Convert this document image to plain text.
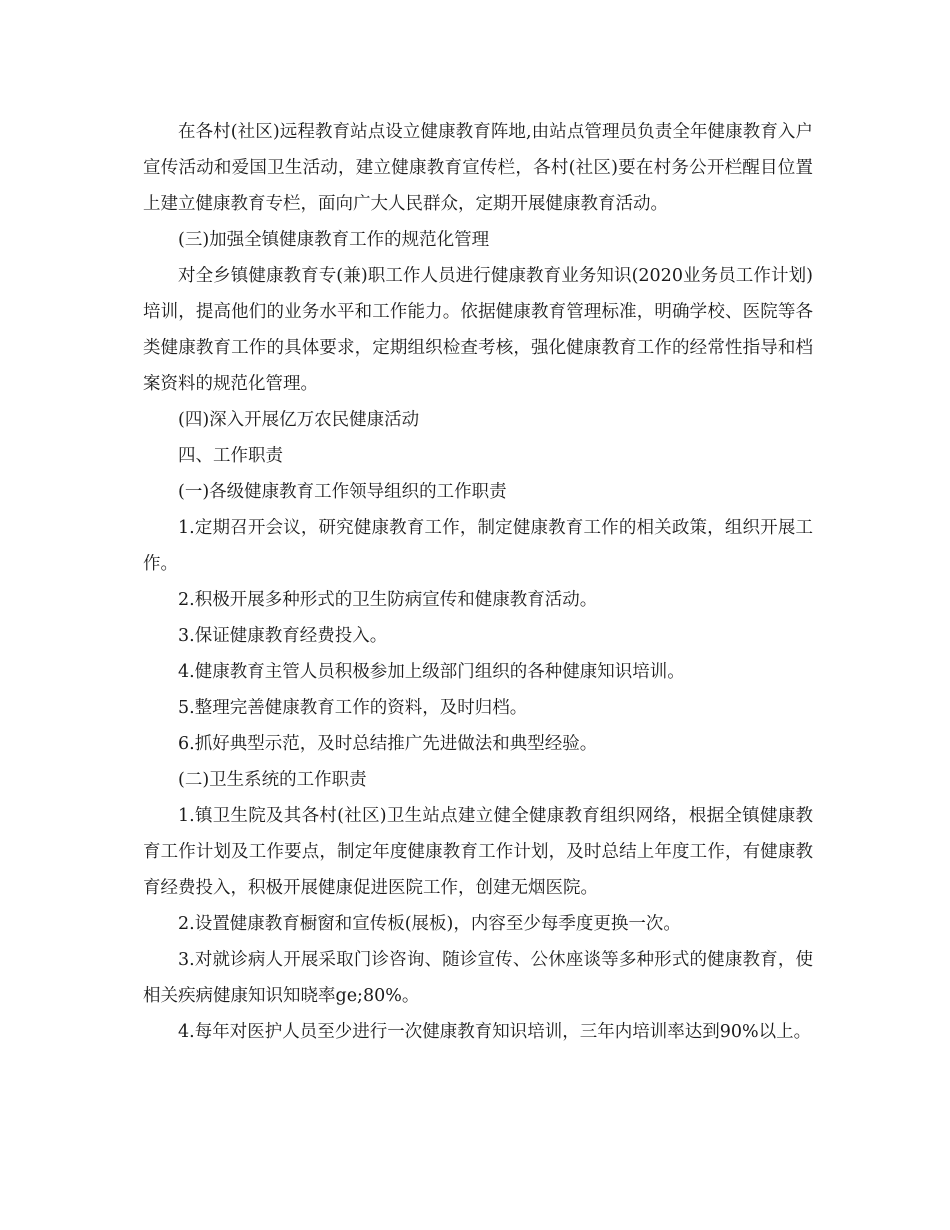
在各村(社区)远程教育站点设立健康教育阵地,由站点管理员负责全年健康教育入户宣传活动和爱国卫生活动，建立健康教育宣传栏，各村(社区)要在村务公开栏醒目位置上建立健康教育专栏，面向广大人民群众，定期开展健康教育活动。

(三)加强全镇健康教育工作的规范化管理

对全乡镇健康教育专(兼)职工作人员进行健康教育业务知识(2020业务员工作计划)培训，提高他们的业务水平和工作能力。依据健康教育管理标准，明确学校、医院等各类健康教育工作的具体要求，定期组织检查考核，强化健康教育工作的经常性指导和档案资料的规范化管理。

(四)深入开展亿万农民健康活动

四、工作职责

(一)各级健康教育工作领导组织的工作职责

1.定期召开会议，研究健康教育工作，制定健康教育工作的相关政策，组织开展工作。

2.积极开展多种形式的卫生防病宣传和健康教育活动。

3.保证健康教育经费投入。

4.健康教育主管人员积极参加上级部门组织的各种健康知识培训。

5.整理完善健康教育工作的资料，及时归档。

6.抓好典型示范，及时总结推广先进做法和典型经验。

(二)卫生系统的工作职责

1.镇卫生院及其各村(社区)卫生站点建立健全健康教育组织网络，根据全镇健康教育工作计划及工作要点，制定年度健康教育工作计划，及时总结上年度工作，有健康教育经费投入，积极开展健康促进医院工作，创建无烟医院。

2.设置健康教育橱窗和宣传板(展板)，内容至少每季度更换一次。

3.对就诊病人开展采取门诊咨询、随诊宣传、公休座谈等多种形式的健康教育，使相关疾病健康知识知晓率ge;80%。

4.每年对医护人员至少进行一次健康教育知识培训，三年内培训率达到90%以上。
